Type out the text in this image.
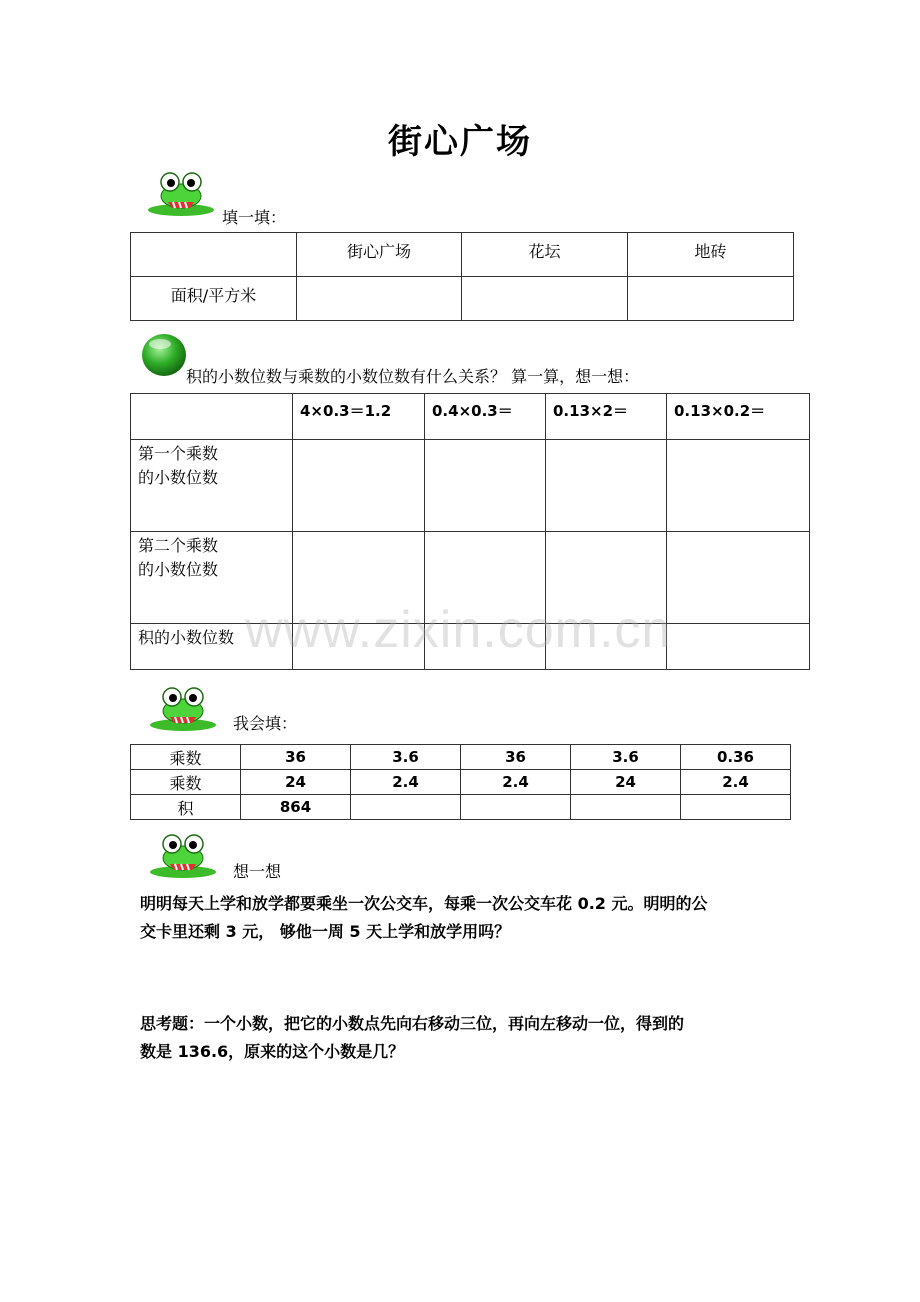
街心广场
填一填：
	街心广场	花坛	地砖
面积/平方米			
积的小数位数与乘数的小数位数有什么关系？ 算一算，想一想：
	4×0.3＝1.2	0.4×0.3＝	0.13×2＝	0.13×0.2＝

第一个乘数
的小数位数				

第二个乘数
的小数位数				

积的小数位数				
				www.zixin.com.cn
我会填：
乘数	36	3.6	36	3.6	0.36
乘数	24	2.4	2.4	24	2.4
积	864				
想一想
明明每天上学和放学都要乘坐一次公交车，每乘一次公交车花 0.2 元。明明的公
交卡里还剩 3 元， 够他一周 5 天上学和放学用吗？
思考题：一个小数，把它的小数点先向右移动三位，再向左移动一位，得到的
数是 136.6，原来的这个小数是几？
